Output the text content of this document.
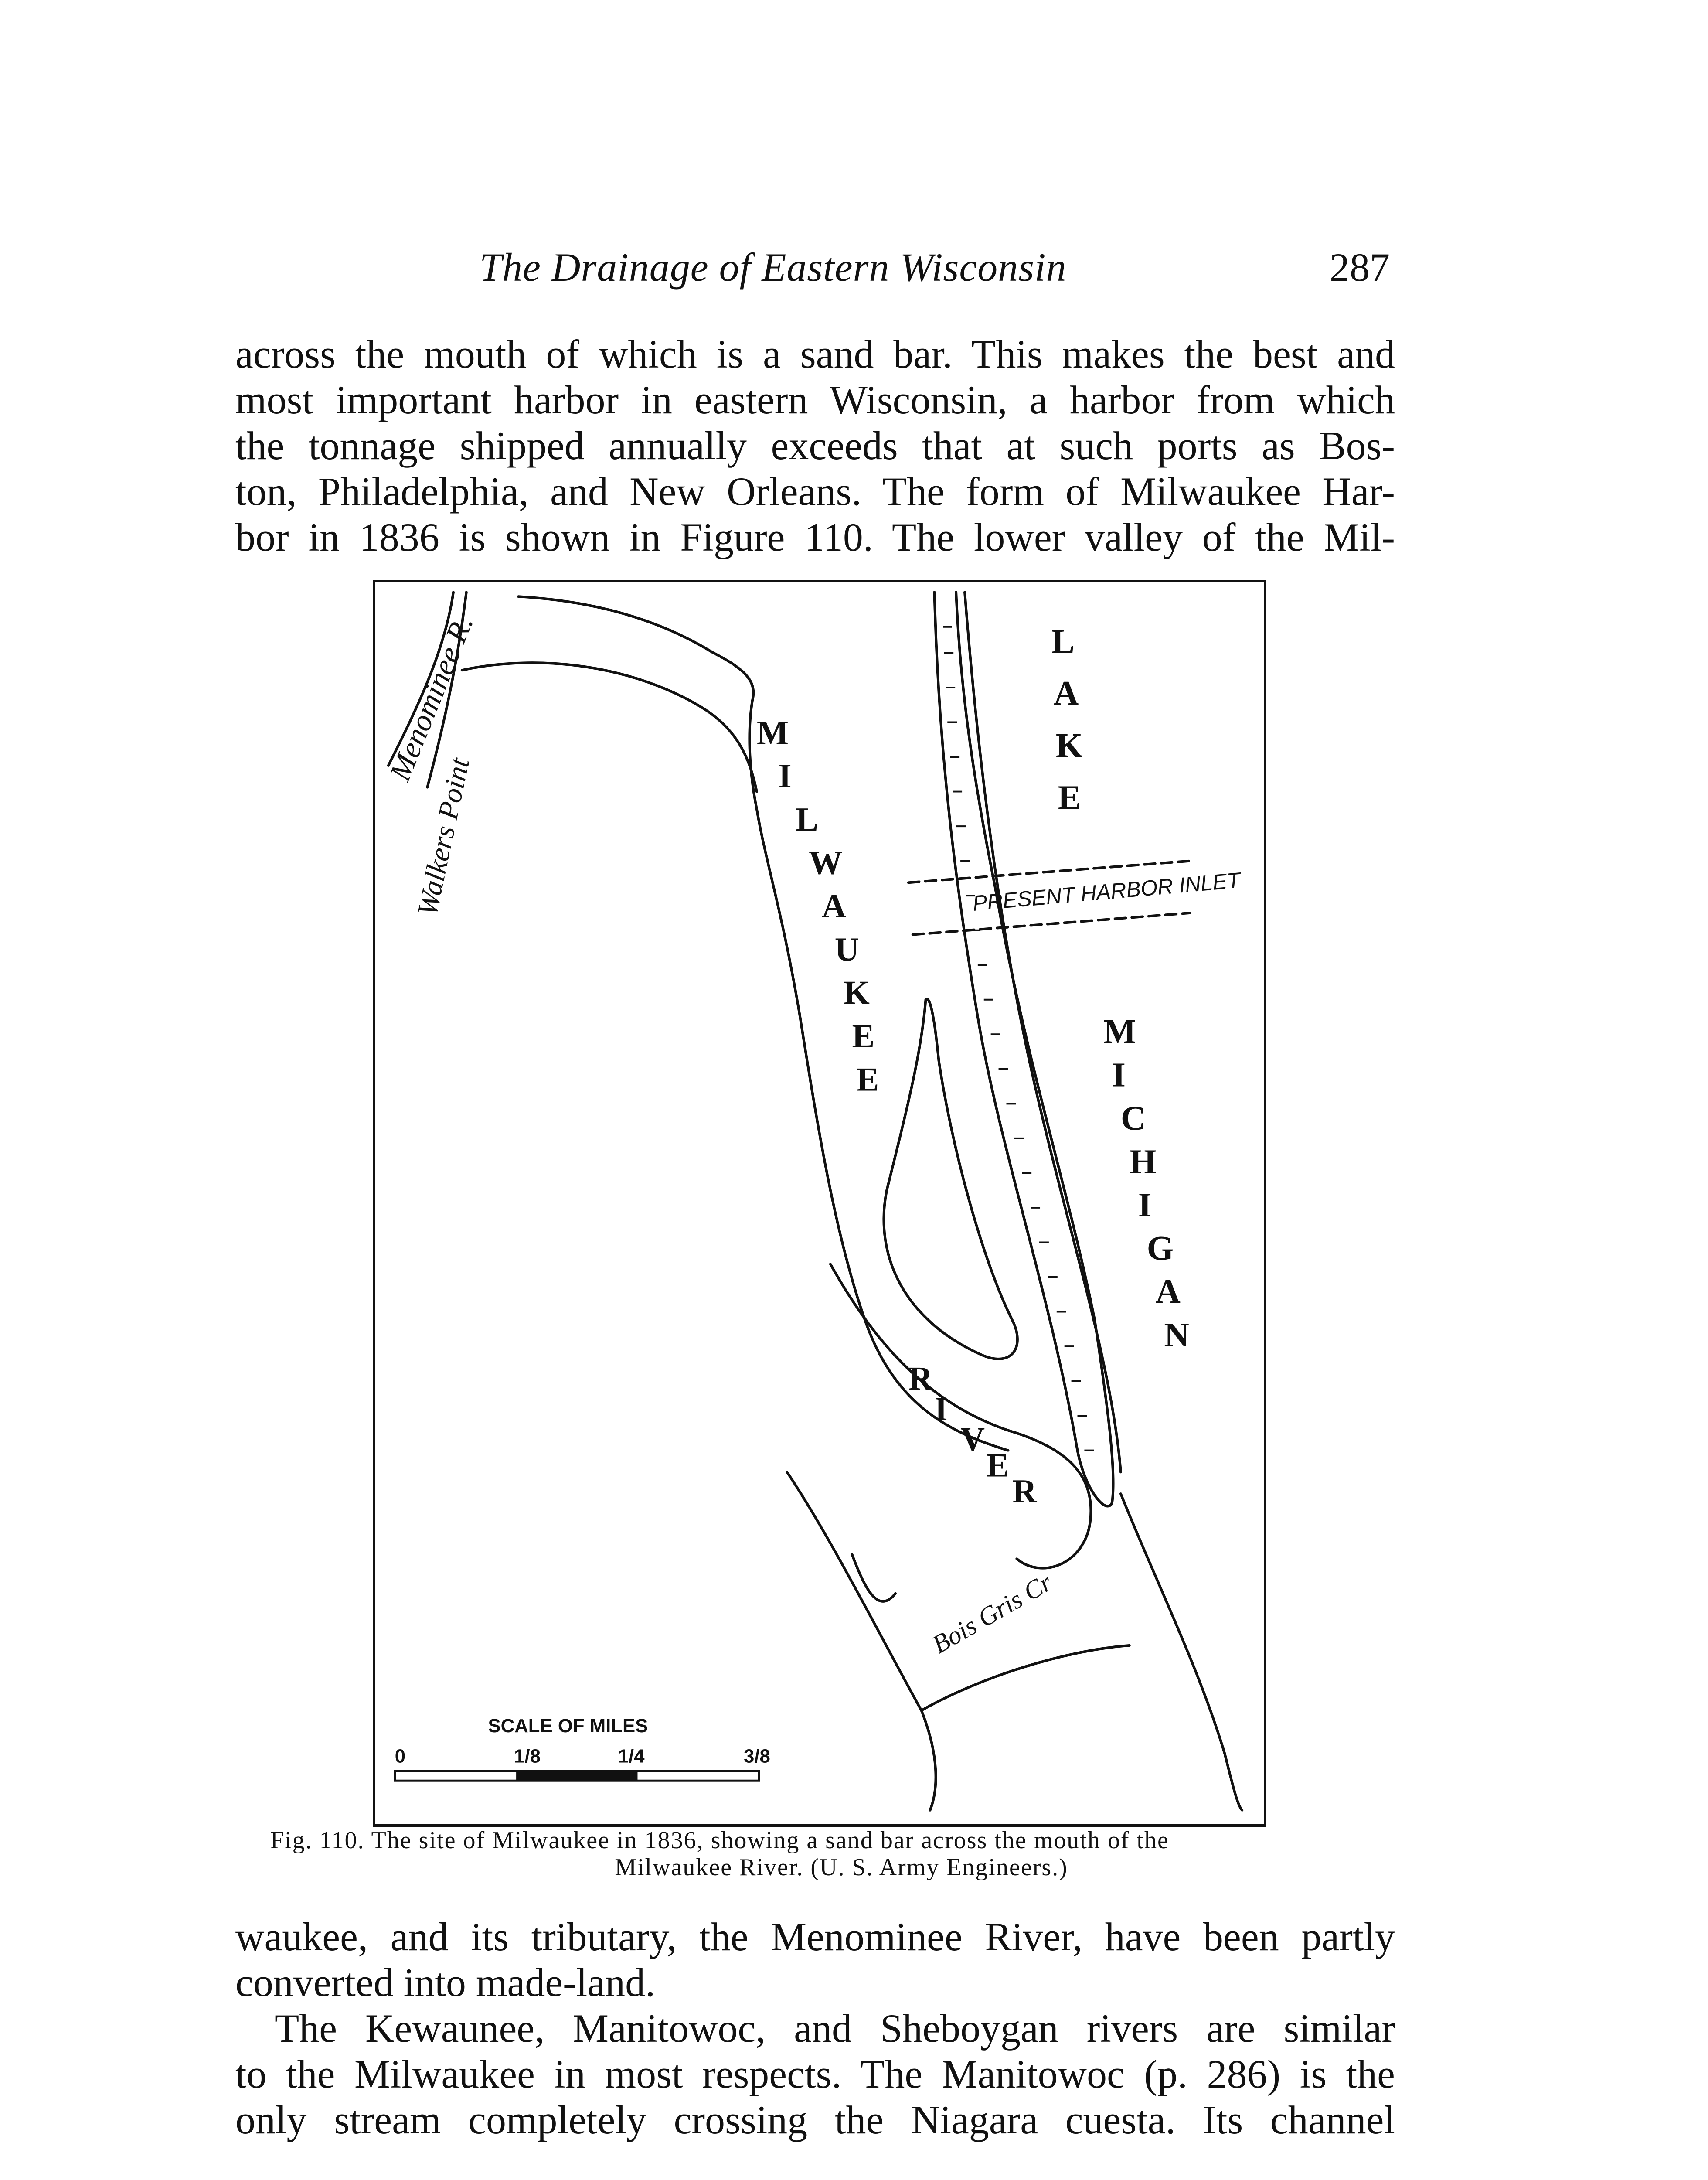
The Drainage of Eastern Wisconsin	287
across the mouth of which is a sand bar. This makes the best and
most important harbor in eastern Wisconsin, a harbor from which
the tonnage shipped annually exceeds that at such ports as Bos-
ton, Philadelphia, and New Orleans. The form of Milwaukee Har-
bor in 1836 is shown in Figure 110. The lower valley of the Mil-
Menominee R.
Walkers Point
M
I
L
W
A
U
K
E
E
R
I
V
E
R
L
A
K
E
M
I
C
H
I
G
A
N
PRESENT HARBOR INLET
Bois Gris Cr
SCALE OF MILES
0	1/8	1/4	3/8
Fig. 110. The site of Milwaukee in 1836, showing a sand bar across the mouth of the
Milwaukee River. (U. S. Army Engineers.)
waukee, and its tributary, the Menominee River, have been partly
converted into made-land.
The Kewaunee, Manitowoc, and Sheboygan rivers are similar
to the Milwaukee in most respects. The Manitowoc (p. 286) is the
only stream completely crossing the Niagara cuesta. Its channel
